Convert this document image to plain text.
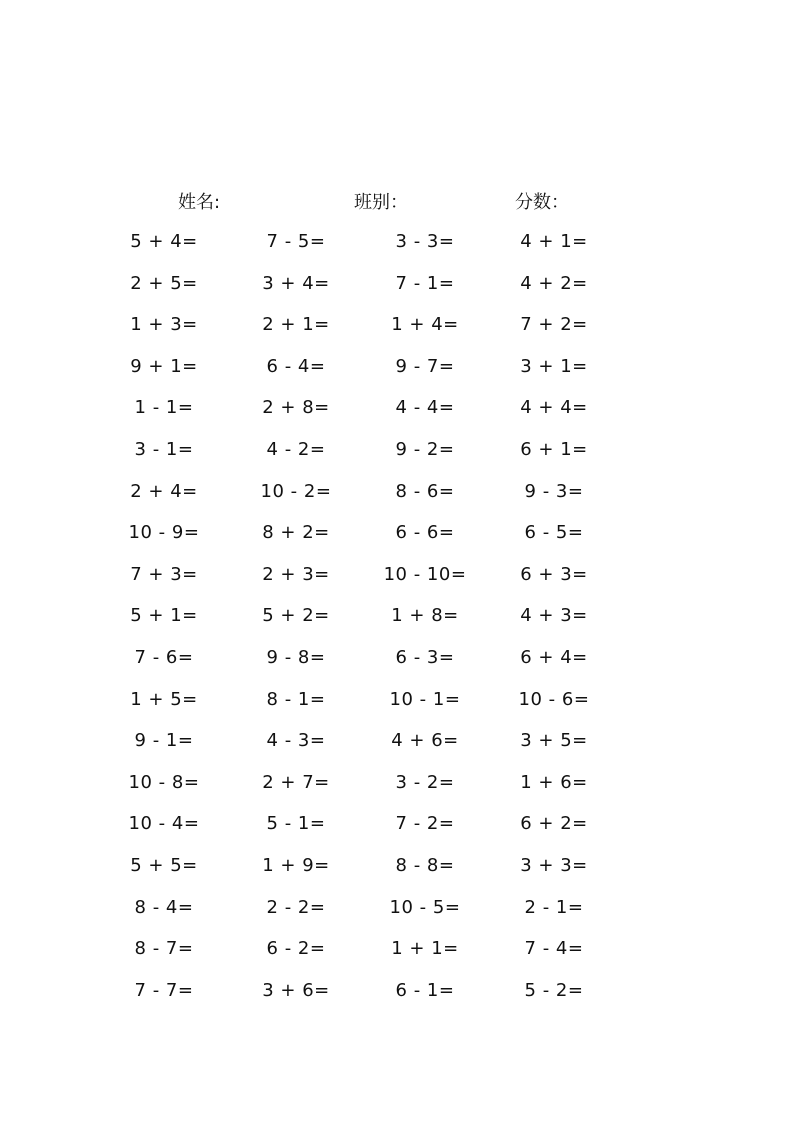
姓名:	班别：	分数：
5 + 4=	7 - 5=	3 - 3=	4 + 1=
2 + 5=	3 + 4=	7 - 1=	4 + 2=
1 + 3=	2 + 1=	1 + 4=	7 + 2=
9 + 1=	6 - 4=	9 - 7=	3 + 1=
1 - 1=	2 + 8=	4 - 4=	4 + 4=
3 - 1=	4 - 2=	9 - 2=	6 + 1=
2 + 4=	10 - 2=	8 - 6=	9 - 3=
10 - 9=	8 + 2=	6 - 6=	6 - 5=
7 + 3=	2 + 3=	10 - 10=	6 + 3=
5 + 1=	5 + 2=	1 + 8=	4 + 3=
7 - 6=	9 - 8=	6 - 3=	6 + 4=
1 + 5=	8 - 1=	10 - 1=	10 - 6=
9 - 1=	4 - 3=	4 + 6=	3 + 5=
10 - 8=	2 + 7=	3 - 2=	1 + 6=
10 - 4=	5 - 1=	7 - 2=	6 + 2=
5 + 5=	1 + 9=	8 - 8=	3 + 3=
8 - 4=	2 - 2=	10 - 5=	2 - 1=
8 - 7=	6 - 2=	1 + 1=	7 - 4=
7 - 7=	3 + 6=	6 - 1=	5 - 2=
